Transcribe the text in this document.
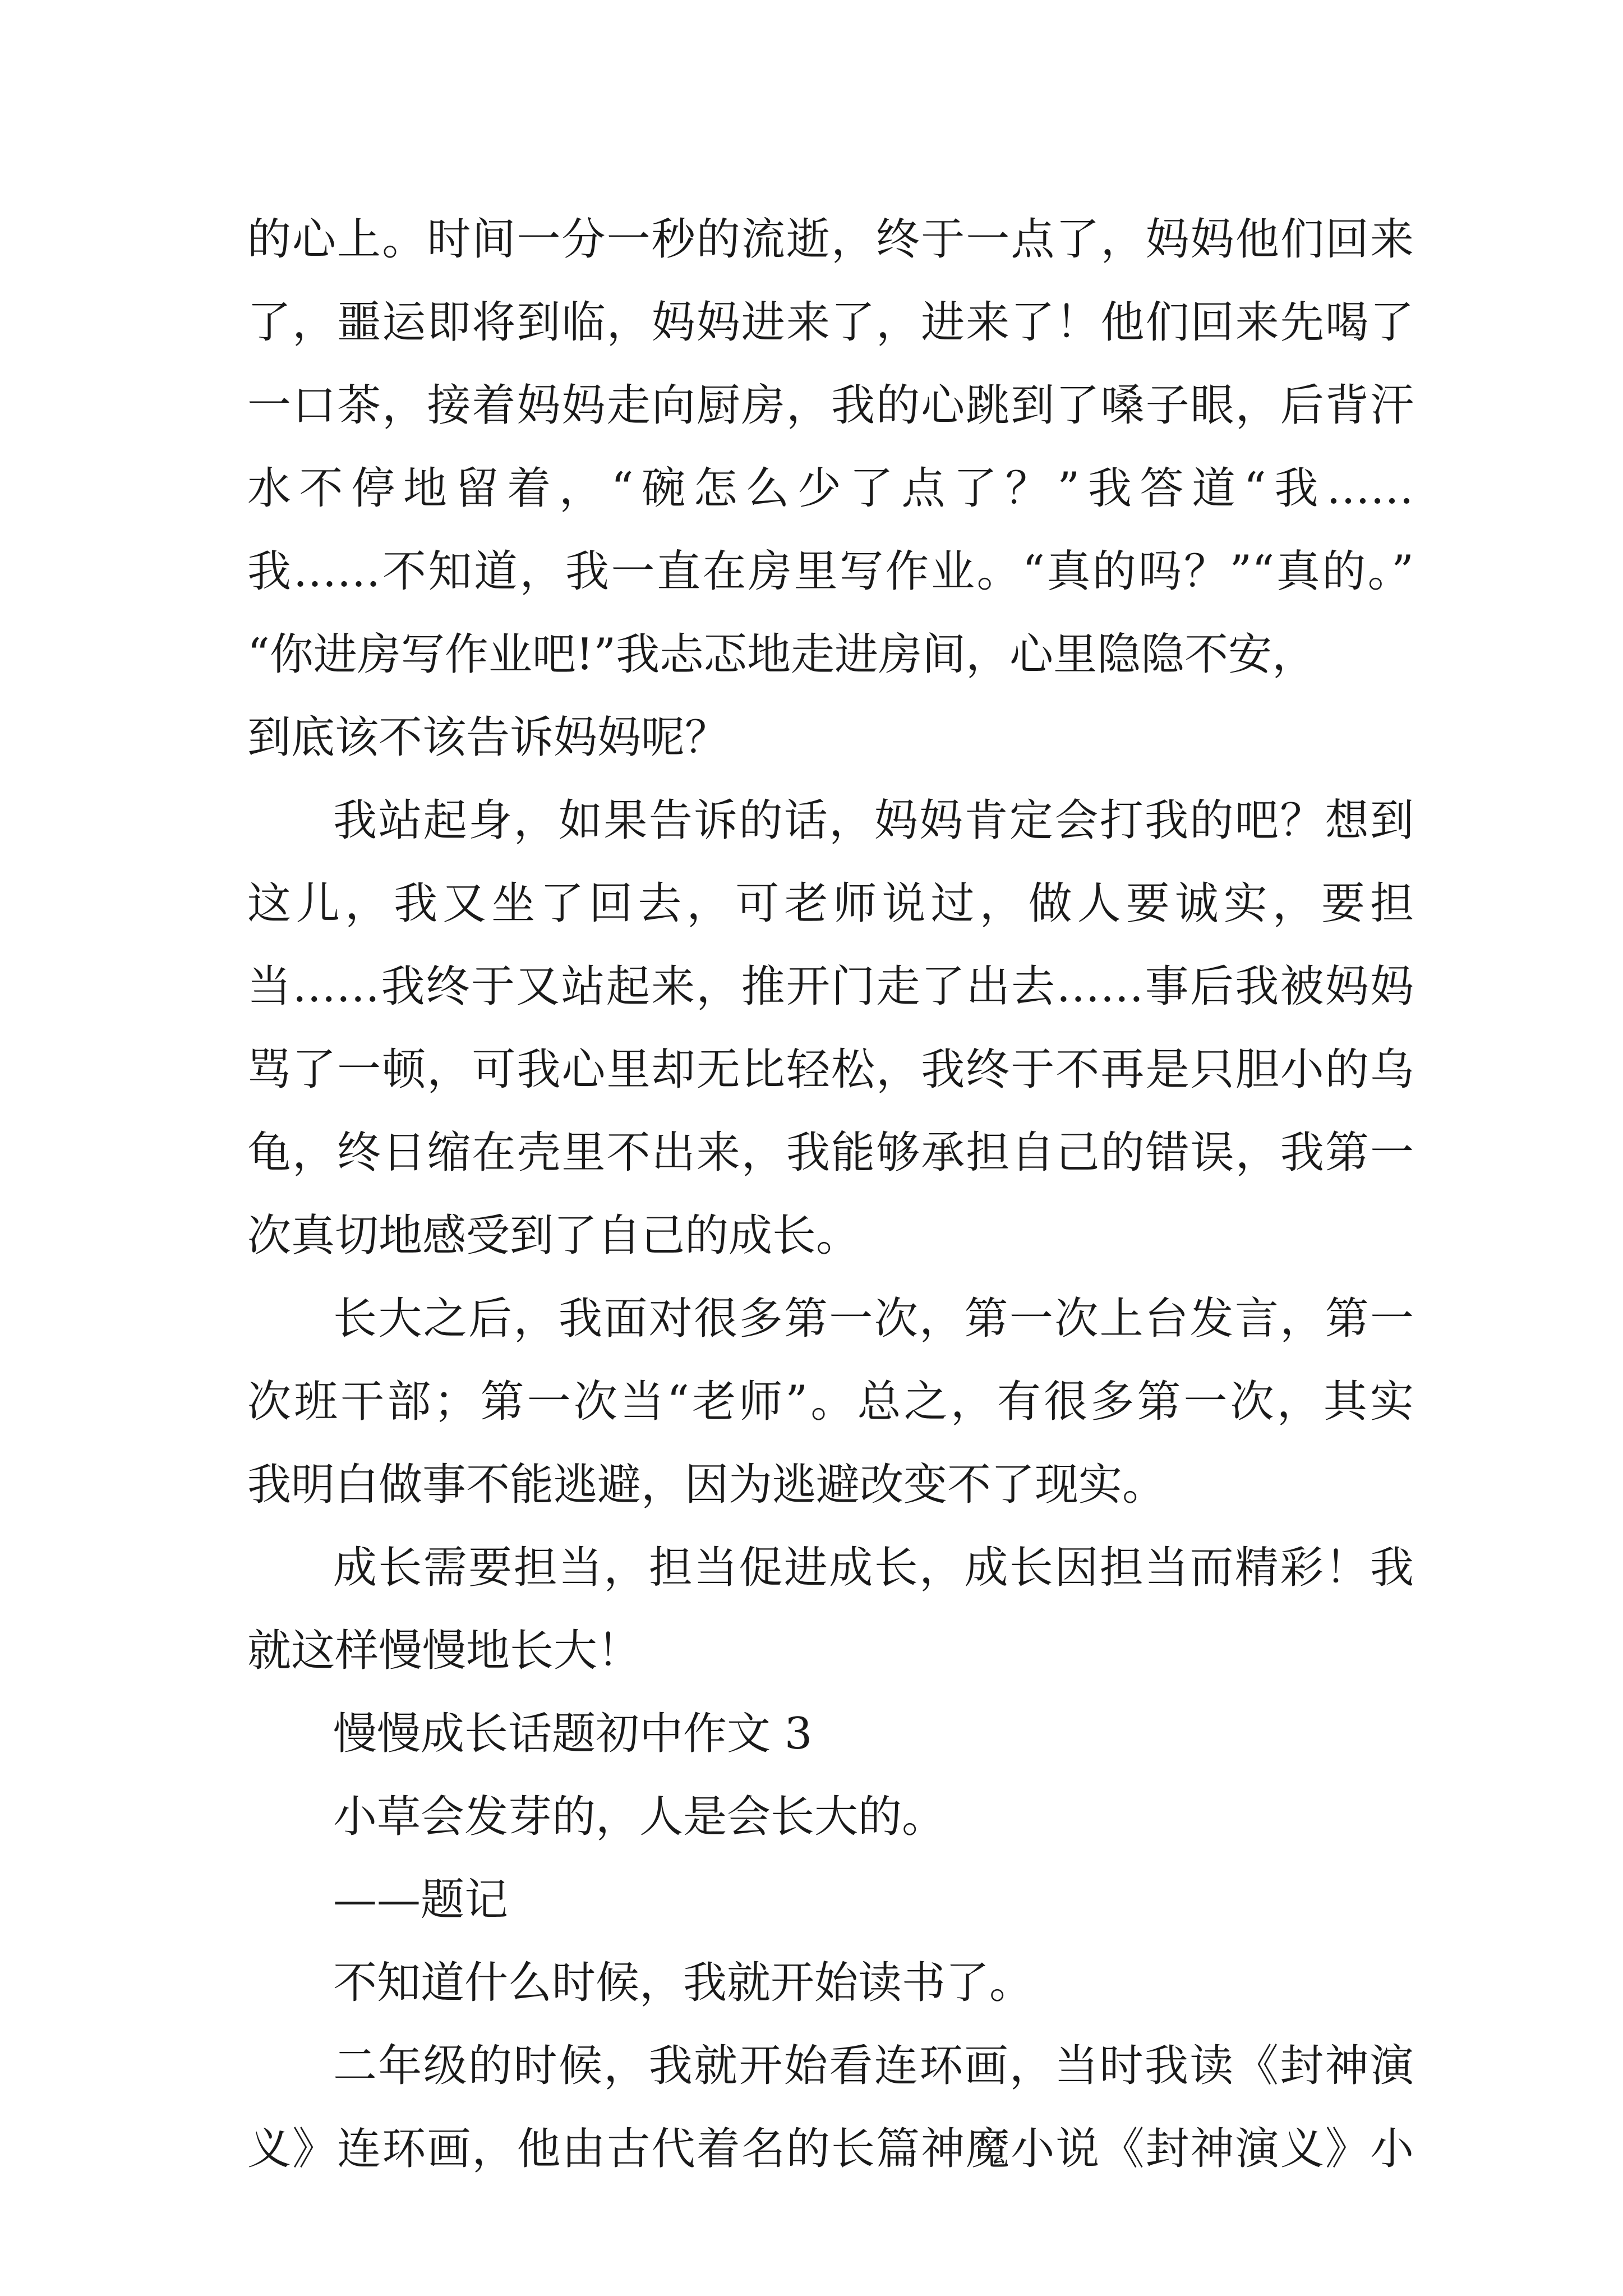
的心上。时间一分一秒的流逝，终于一点了，妈妈他们回来
了，噩运即将到临，妈妈进来了，进来了！他们回来先喝了
一口茶，接着妈妈走向厨房，我的心跳到了嗓子眼，后背汗
水不停地留着，“碗怎么少了点了？”我答道“我……
我……不知道，我一直在房里写作业。“真的吗？”“真的。”
“你进房写作业吧!”我忐忑地走进房间，心里隐隐不安，
到底该不该告诉妈妈呢？
我站起身，如果告诉的话，妈妈肯定会打我的吧？想到
这儿，我又坐了回去，可老师说过，做人要诚实，要担
当……我终于又站起来，推开门走了出去……事后我被妈妈
骂了一顿，可我心里却无比轻松，我终于不再是只胆小的乌
龟，终日缩在壳里不出来，我能够承担自己的错误，我第一
次真切地感受到了自己的成长。
长大之后，我面对很多第一次，第一次上台发言，第一
次班干部；第一次当“老师”。总之，有很多第一次，其实
我明白做事不能逃避，因为逃避改变不了现实。
成长需要担当，担当促进成长，成长因担当而精彩！我
就这样慢慢地长大！
慢慢成长话题初中作文 3
小草会发芽的，人是会长大的。
——题记
不知道什么时候，我就开始读书了。
二年级的时候，我就开始看连环画，当时我读《封神演
义》连环画，他由古代着名的长篇神魔小说《封神演义》小
